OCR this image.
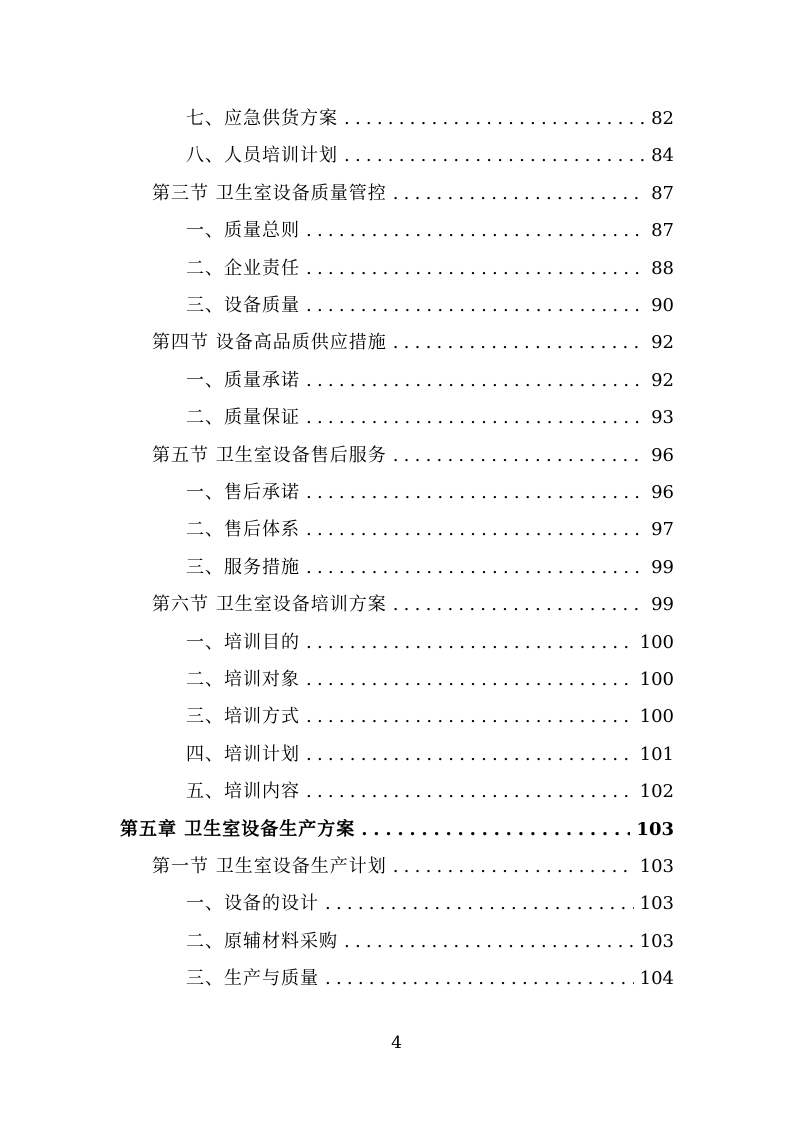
七、应急供货方案 . . .	82
八、人员培训计划 . . .	84
第三节 卫生室设备质量管控 . . .	87
一、质量总则 . . .	87
二、企业责任 . . .	88
三、设备质量 . . .	90
第四节 设备高品质供应措施 . . .	92
一、质量承诺 . . .	92
二、质量保证 . . .	93
第五节 卫生室设备售后服务 . . .	96
一、售后承诺 . . .	96
二、售后体系 . . .	97
三、服务措施 . . .	99
第六节 卫生室设备培训方案 . . .	99
一、培训目的 . . .	100
二、培训对象 . . .	100
三、培训方式 . . .	100
四、培训计划 . . .	101
五、培训内容 . . .	102
第五章 卫生室设备生产方案 . . .	103
第一节 卫生室设备生产计划 . . .	103
一、设备的设计 . . .	103
二、原辅材料采购 . . .	103
三、生产与质量 . . .	104
4
